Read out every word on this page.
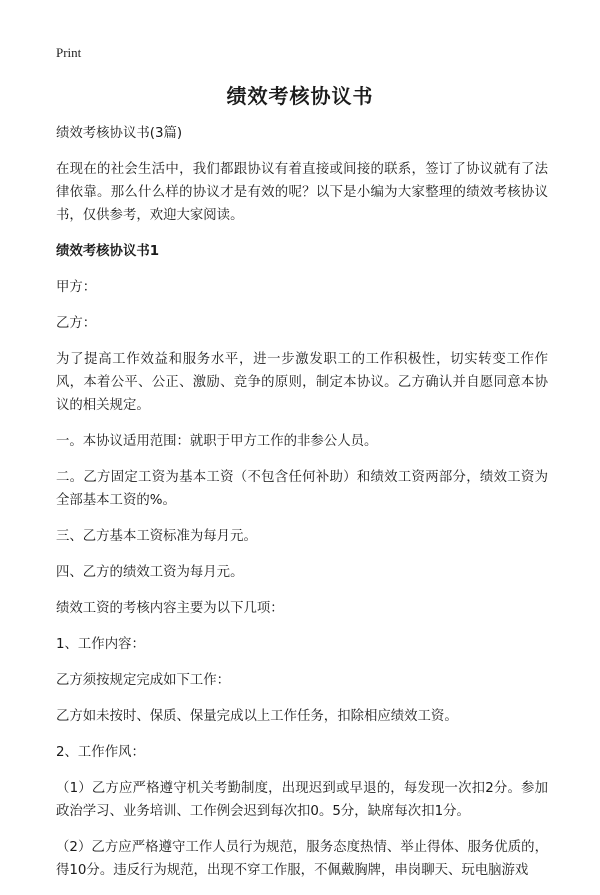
Print
绩效考核协议书

绩效考核协议书(3篇)

在现在的社会生活中，我们都跟协议有着直接或间接的联系，签订了协议就有了法律依靠。那么什么样的协议才是有效的呢？以下是小编为大家整理的绩效考核协议书，仅供参考，欢迎大家阅读。

绩效考核协议书1

甲方：

乙方：

为了提高工作效益和服务水平，进一步激发职工的工作积极性，切实转变工作作风，本着公平、公正、激励、竞争的原则，制定本协议。乙方确认并自愿同意本协议的相关规定。

一。本协议适用范围：就职于甲方工作的非参公人员。

二。乙方固定工资为基本工资（不包含任何补助）和绩效工资两部分，绩效工资为全部基本工资的%。

三、乙方基本工资标准为每月元。

四、乙方的绩效工资为每月元。

绩效工资的考核内容主要为以下几项：

1、工作内容：

乙方须按规定完成如下工作：

乙方如未按时、保质、保量完成以上工作任务，扣除相应绩效工资。

2、工作作风：

（1）乙方应严格遵守机关考勤制度，出现迟到或早退的，每发现一次扣2分。参加政治学习、业务培训、工作例会迟到每次扣0。5分，缺席每次扣1分。

（2）乙方应严格遵守工作人员行为规范，服务态度热情、举止得体、服务优质的，得10分。违反行为规范，出现不穿工作服，不佩戴胸牌，串岗聊天、玩电脑游戏
